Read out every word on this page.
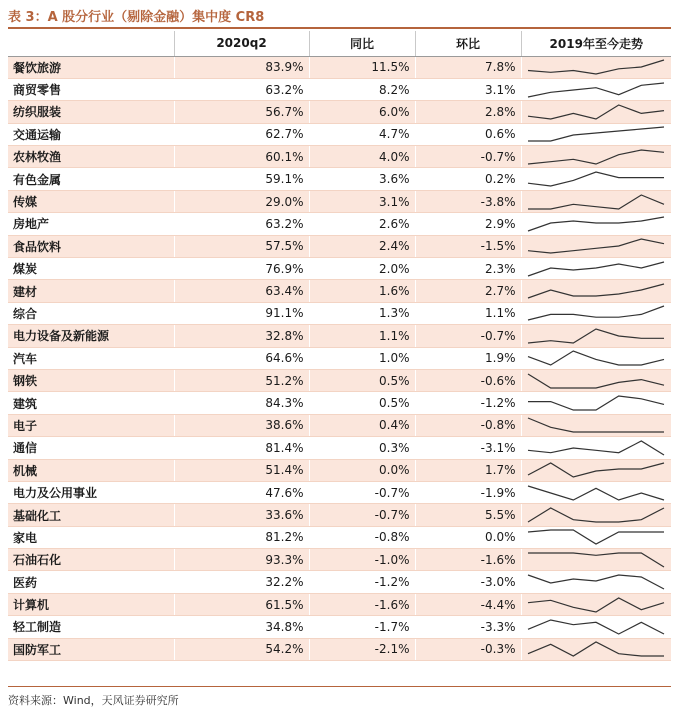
表 3：A 股分行业（剔除金融）集中度 CR8
	2020q2	同比	环比	2019年至今走势
餐饮旅游	83.9%	11.5%	7.8%	

商贸零售	63.2%	8.2%	3.1%	

纺织服装	56.7%	6.0%	2.8%	

交通运输	62.7%	4.7%	0.6%	

农林牧渔	60.1%	4.0%	-0.7%	

有色金属	59.1%	3.6%	0.2%	

传媒	29.0%	3.1%	-3.8%	

房地产	63.2%	2.6%	2.9%	

食品饮料	57.5%	2.4%	-1.5%	

煤炭	76.9%	2.0%	2.3%	

建材	63.4%	1.6%	2.7%	

综合	91.1%	1.3%	1.1%	

电力设备及新能源	32.8%	1.1%	-0.7%	

汽车	64.6%	1.0%	1.9%	

钢铁	51.2%	0.5%	-0.6%	

建筑	84.3%	0.5%	-1.2%	

电子	38.6%	0.4%	-0.8%	

通信	81.4%	0.3%	-3.1%	

机械	51.4%	0.0%	1.7%	

电力及公用事业	47.6%	-0.7%	-1.9%	

基础化工	33.6%	-0.7%	5.5%	

家电	81.2%	-0.8%	0.0%	

石油石化	93.3%	-1.0%	-1.6%	

医药	32.2%	-1.2%	-3.0%	

计算机	61.5%	-1.6%	-4.4%	

轻工制造	34.8%	-1.7%	-3.3%	

国防军工	54.2%	-2.1%	-0.3%	
资料来源：Wind，天风证券研究所
